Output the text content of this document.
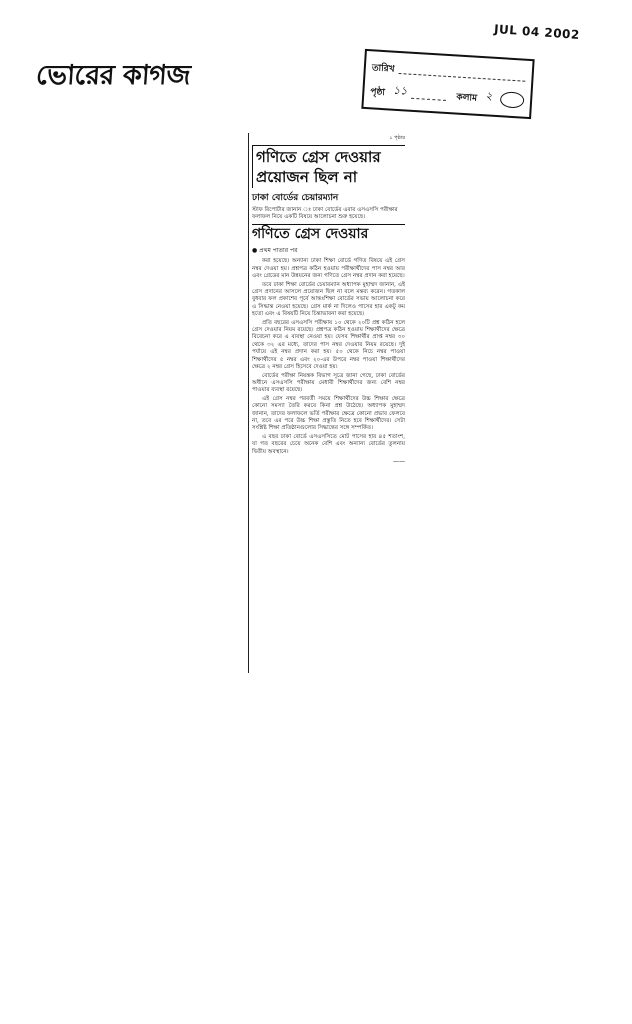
JUL 04 2002
ভোরের কাগজ	তারিখ
পৃষ্ঠা ১১
কলাম ২
১ পৃষ্ঠার
গণিতে গ্রেস দেওয়ার
প্রয়োজন ছিল না
ঢাকা বোর্ডের চেয়ারম্যান
স্টাফ রিপোর্টার জানান ঃ ঢাকা বোর্ডের এবার এসএসসি পরীক্ষার ফলাফল নিয়ে একটি বিষয়ে আলোচনা শুরু হয়েছে।
গণিতে গ্রেস দেওয়ার
● প্রথম পাতার পর

করা হয়েছে। অন্যান্য ঢাকা শিক্ষা বোর্ডে গণিত বিষয়ে এই গ্রেস নম্বর দেওয়া হয়। প্রশ্নপত্র কঠিন হওয়ায় পরীক্ষার্থীদের পাস নম্বর আর এবং গ্রেডের মান উন্নয়নের জন্য গণিতে গ্রেস নম্বর প্রদান করা হয়েছে।

তবে ঢাকা শিক্ষা বোর্ডের চেয়ারম্যান অধ্যাপক মুহাম্মদ জানান, এই গ্রেস প্রদানের আসলে প্রয়োজন ছিল না বলে মন্তব্য করেন। গতকাল বুধবার ফল প্রকাশের পূর্বে আন্তঃশিক্ষা বোর্ডের সভায় আলোচনা করে এ সিদ্ধান্ত নেওয়া হয়েছে। গ্রেস মার্ক না দিলেও পাসের হার একটু কম হতো এবং এ বিষয়টি নিয়ে চিন্তাভাবনা করা হয়েছে।

প্রতি বছরের এসএসসি পরীক্ষায় ১০ থেকে ২০টি প্রশ্ন কঠিন হলে গ্রেস দেওয়ার নিয়ম রয়েছে। প্রশ্নপত্র কঠিন হওয়ায় শিক্ষার্থীদের ক্ষেত্রে বিবেচনা করে এ ব্যবস্থা নেওয়া হয়। যেসব শিক্ষার্থীর প্রাপ্ত নম্বর ৩০ থেকে ৩২ এর মধ্যে, তাদের পাস নম্বর দেওয়ার নিয়ম রয়েছে। দুই পর্যায়ে এই নম্বর প্রদান করা হয়। ৫০ থেকে নিচে নম্বর পাওয়া শিক্ষার্থীদের ৫ নম্বর এবং ২০-এর উপরে নম্বর পাওয়া শিক্ষার্থীদের ক্ষেত্রে ২ নম্বর গ্রেস হিসেবে দেওয়া হয়।

বোর্ডের পরীক্ষা নিয়ন্ত্রক বিভাগ সূত্রে জানা গেছে, ঢাকা বোর্ডের অধীনে এসএসসি পরীক্ষায় মেধাবী শিক্ষার্থীদের জন্য বেশি নম্বর পাওয়ার ব্যবস্থা রয়েছে।

এই গ্রেস নম্বর পরবর্তী সময়ে শিক্ষার্থীদের উচ্চ শিক্ষার ক্ষেত্রে কোনো সমস্যা তৈরি করবে কিনা প্রশ্ন উঠেছে। অধ্যাপক মুহাম্মদ জানান, তাদের ফলাফলে ভর্তি পরীক্ষার ক্ষেত্রে কোনো প্রভাব ফেলবে না, তবে এর পরে উচ্চ শিক্ষা প্রস্তুতি নিতে হবে শিক্ষার্থীদের। সেটা সংশ্লিষ্ট শিক্ষা প্রতিষ্ঠানগুলোর সিদ্ধান্তের সঙ্গে সম্পর্কিত।

এ বছর ঢাকা বোর্ডে এসএসসিতে মোট পাসের হার ৪৫ শতাংশ, যা গত বছরের চেয়ে অনেক বেশি এবং অন্যান্য বোর্ডের তুলনায় দ্বিতীয় অবস্থানে।

——
